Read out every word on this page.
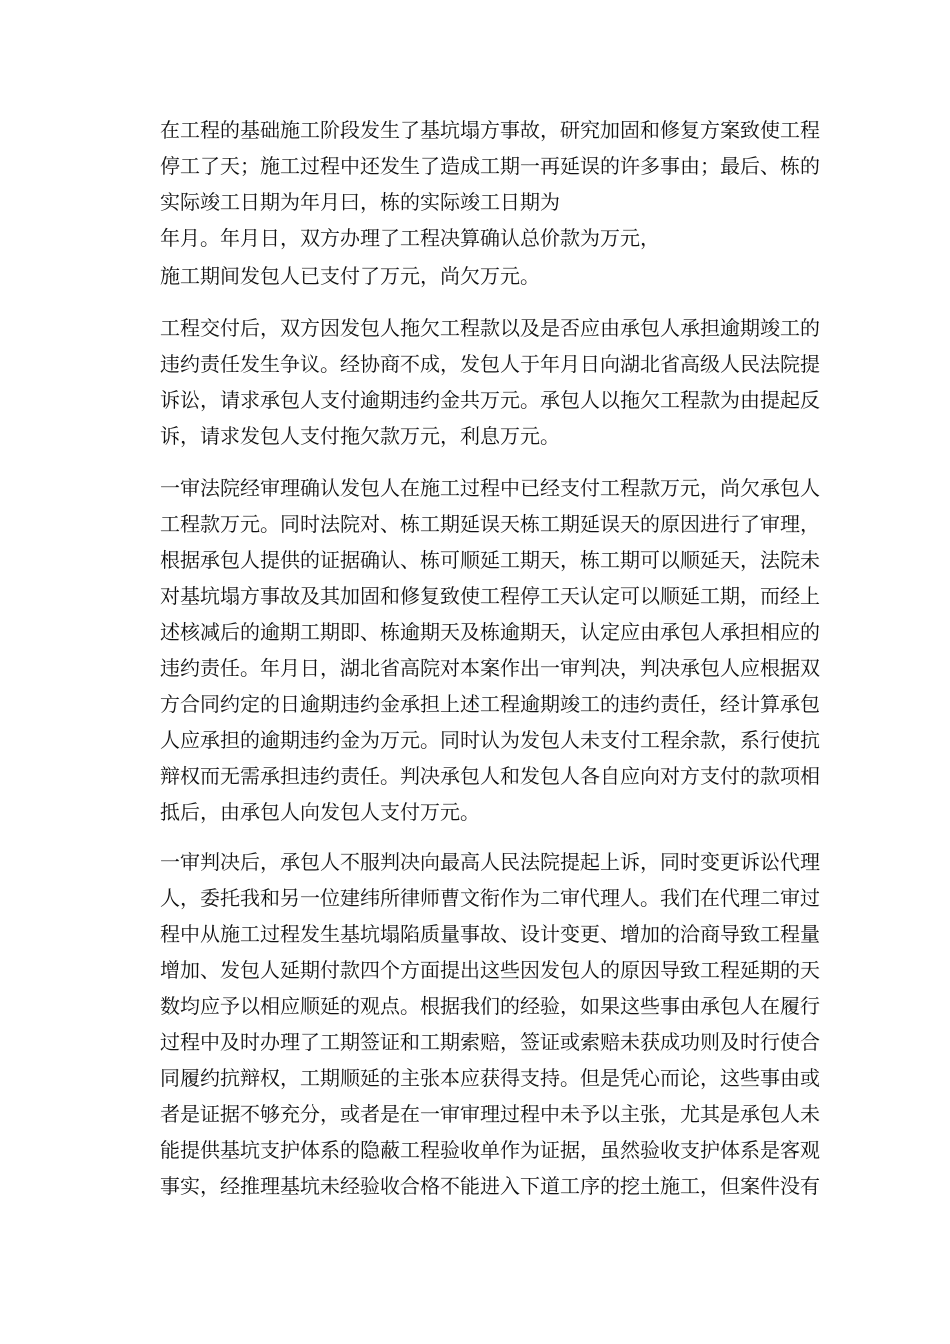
在工程的基础施工阶段发生了基坑塌方事故，研究加固和修复方案致使工程
停工了天；施工过程中还发生了造成工期一再延误的许多事由；最后、栋的
实际竣工日期为年月曰，栋的实际竣工日期为
年月。年月日，双方办理了工程决算确认总价款为万元，
施工期间发包人已支付了万元，尚欠万元。
工程交付后，双方因发包人拖欠工程款以及是否应由承包人承担逾期竣工的
违约责任发生争议。经协商不成，发包人于年月日向湖北省高级人民法院提
诉讼，请求承包人支付逾期违约金共万元。承包人以拖欠工程款为由提起反
诉，请求发包人支付拖欠款万元，利息万元。
一审法院经审理确认发包人在施工过程中已经支付工程款万元，尚欠承包人
工程款万元。同时法院对、栋工期延误天栋工期延误天的原因进行了审理，
根据承包人提供的证据确认、栋可顺延工期天，栋工期可以顺延天，法院未
对基坑塌方事故及其加固和修复致使工程停工天认定可以顺延工期，而经上
述核减后的逾期工期即、栋逾期天及栋逾期天，认定应由承包人承担相应的
违约责任。年月日，湖北省高院对本案作出一审判决，判决承包人应根据双
方合同约定的日逾期违约金承担上述工程逾期竣工的违约责任，经计算承包
人应承担的逾期违约金为万元。同时认为发包人未支付工程余款，系行使抗
辩权而无需承担违约责任。判决承包人和发包人各自应向对方支付的款项相
抵后，由承包人向发包人支付万元。
一审判决后，承包人不服判决向最高人民法院提起上诉，同时变更诉讼代理
人，委托我和另一位建纬所律师曹文衔作为二审代理人。我们在代理二审过
程中从施工过程发生基坑塌陷质量事故、设计变更、增加的洽商导致工程量
增加、发包人延期付款四个方面提出这些因发包人的原因导致工程延期的天
数均应予以相应顺延的观点。根据我们的经验，如果这些事由承包人在履行
过程中及时办理了工期签证和工期索赔，签证或索赔未获成功则及时行使合
同履约抗辩权，工期顺延的主张本应获得支持。但是凭心而论，这些事由或
者是证据不够充分，或者是在一审审理过程中未予以主张，尤其是承包人未
能提供基坑支护体系的隐蔽工程验收单作为证据，虽然验收支护体系是客观
事实，经推理基坑未经验收合格不能进入下道工序的挖土施工，但案件没有
